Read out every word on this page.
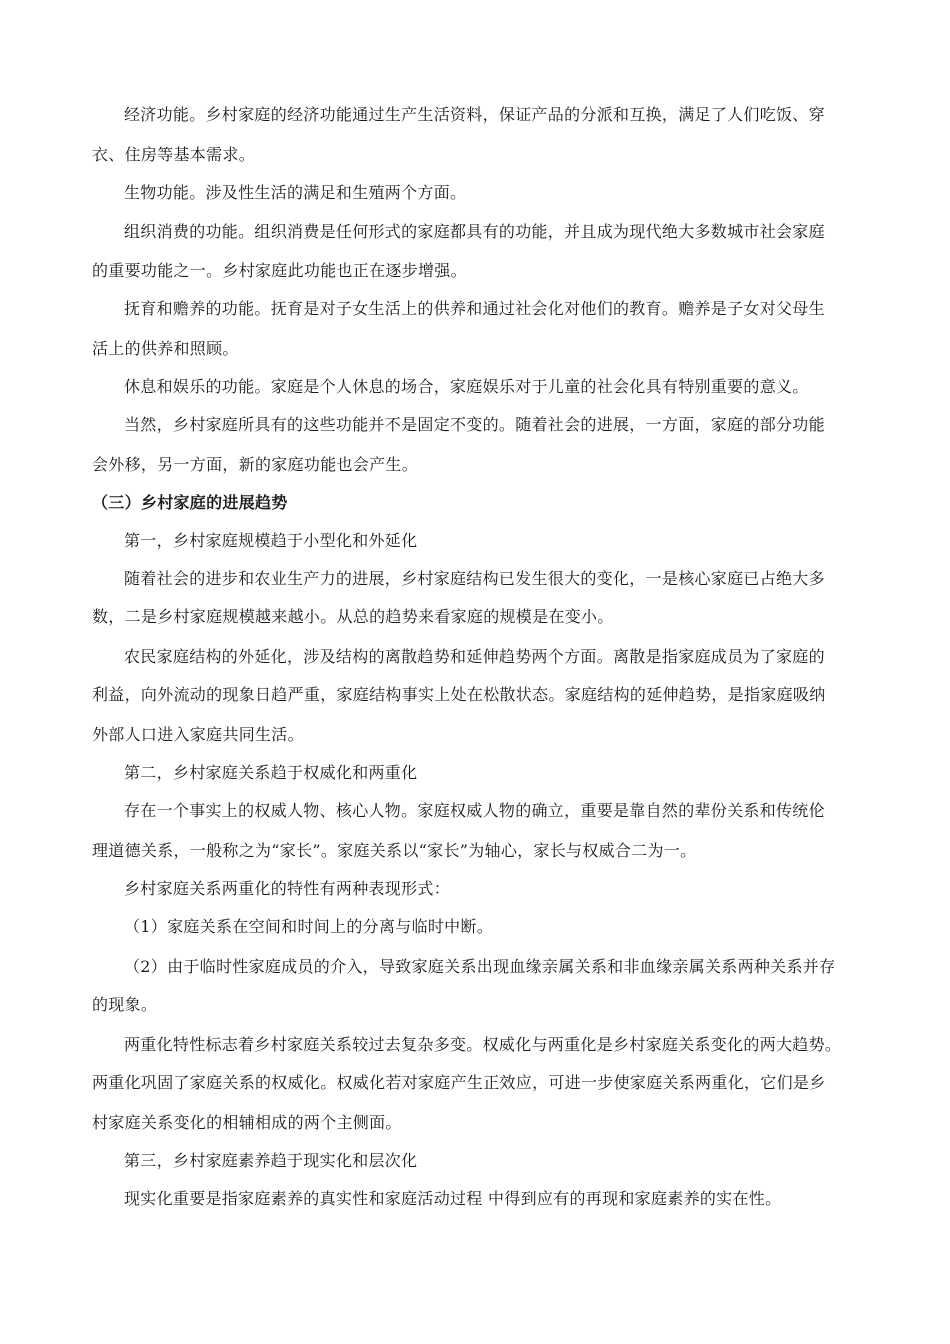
经济功能。乡村家庭的经济功能通过生产生活资料，保证产品的分派和互换，满足了人们吃饭、穿

衣、住房等基本需求。

生物功能。涉及性生活的满足和生殖两个方面。

组织消费的功能。组织消费是任何形式的家庭都具有的功能，并且成为现代绝大多数城市社会家庭

的重要功能之一。乡村家庭此功能也正在逐步增强。

抚育和赡养的功能。抚育是对子女生活上的供养和通过社会化对他们的教育。赡养是子女对父母生

活上的供养和照顾。

休息和娱乐的功能。家庭是个人休息的场合，家庭娱乐对于儿童的社会化具有特别重要的意义。

当然，乡村家庭所具有的这些功能并不是固定不变的。随着社会的进展，一方面，家庭的部分功能

会外移，另一方面，新的家庭功能也会产生。

（三）乡村家庭的进展趋势

第一，乡村家庭规模趋于小型化和外延化

随着社会的进步和农业生产力的进展，乡村家庭结构已发生很大的变化，一是核心家庭已占绝大多

数，二是乡村家庭规模越来越小。从总的趋势来看家庭的规模是在变小。

农民家庭结构的外延化，涉及结构的离散趋势和延伸趋势两个方面。离散是指家庭成员为了家庭的

利益，向外流动的现象日趋严重，家庭结构事实上处在松散状态。家庭结构的延伸趋势，是指家庭吸纳

外部人口进入家庭共同生活。

第二，乡村家庭关系趋于权威化和两重化

存在一个事实上的权威人物、核心人物。家庭权威人物的确立，重要是靠自然的辈份关系和传统伦

理道德关系，一般称之为“家长”。家庭关系以“家长”为轴心，家长与权威合二为一。

乡村家庭关系两重化的特性有两种表现形式：

（1）家庭关系在空间和时间上的分离与临时中断。

（2）由于临时性家庭成员的介入，导致家庭关系出现血缘亲属关系和非血缘亲属关系两种关系并存

的现象。

两重化特性标志着乡村家庭关系较过去复杂多变。权威化与两重化是乡村家庭关系变化的两大趋势。

两重化巩固了家庭关系的权威化。权威化若对家庭产生正效应，可进一步使家庭关系两重化，它们是乡

村家庭关系变化的相辅相成的两个主侧面。

第三，乡村家庭素养趋于现实化和层次化

现实化重要是指家庭素养的真实性和家庭活动过程 中得到应有的再现和家庭素养的实在性。
